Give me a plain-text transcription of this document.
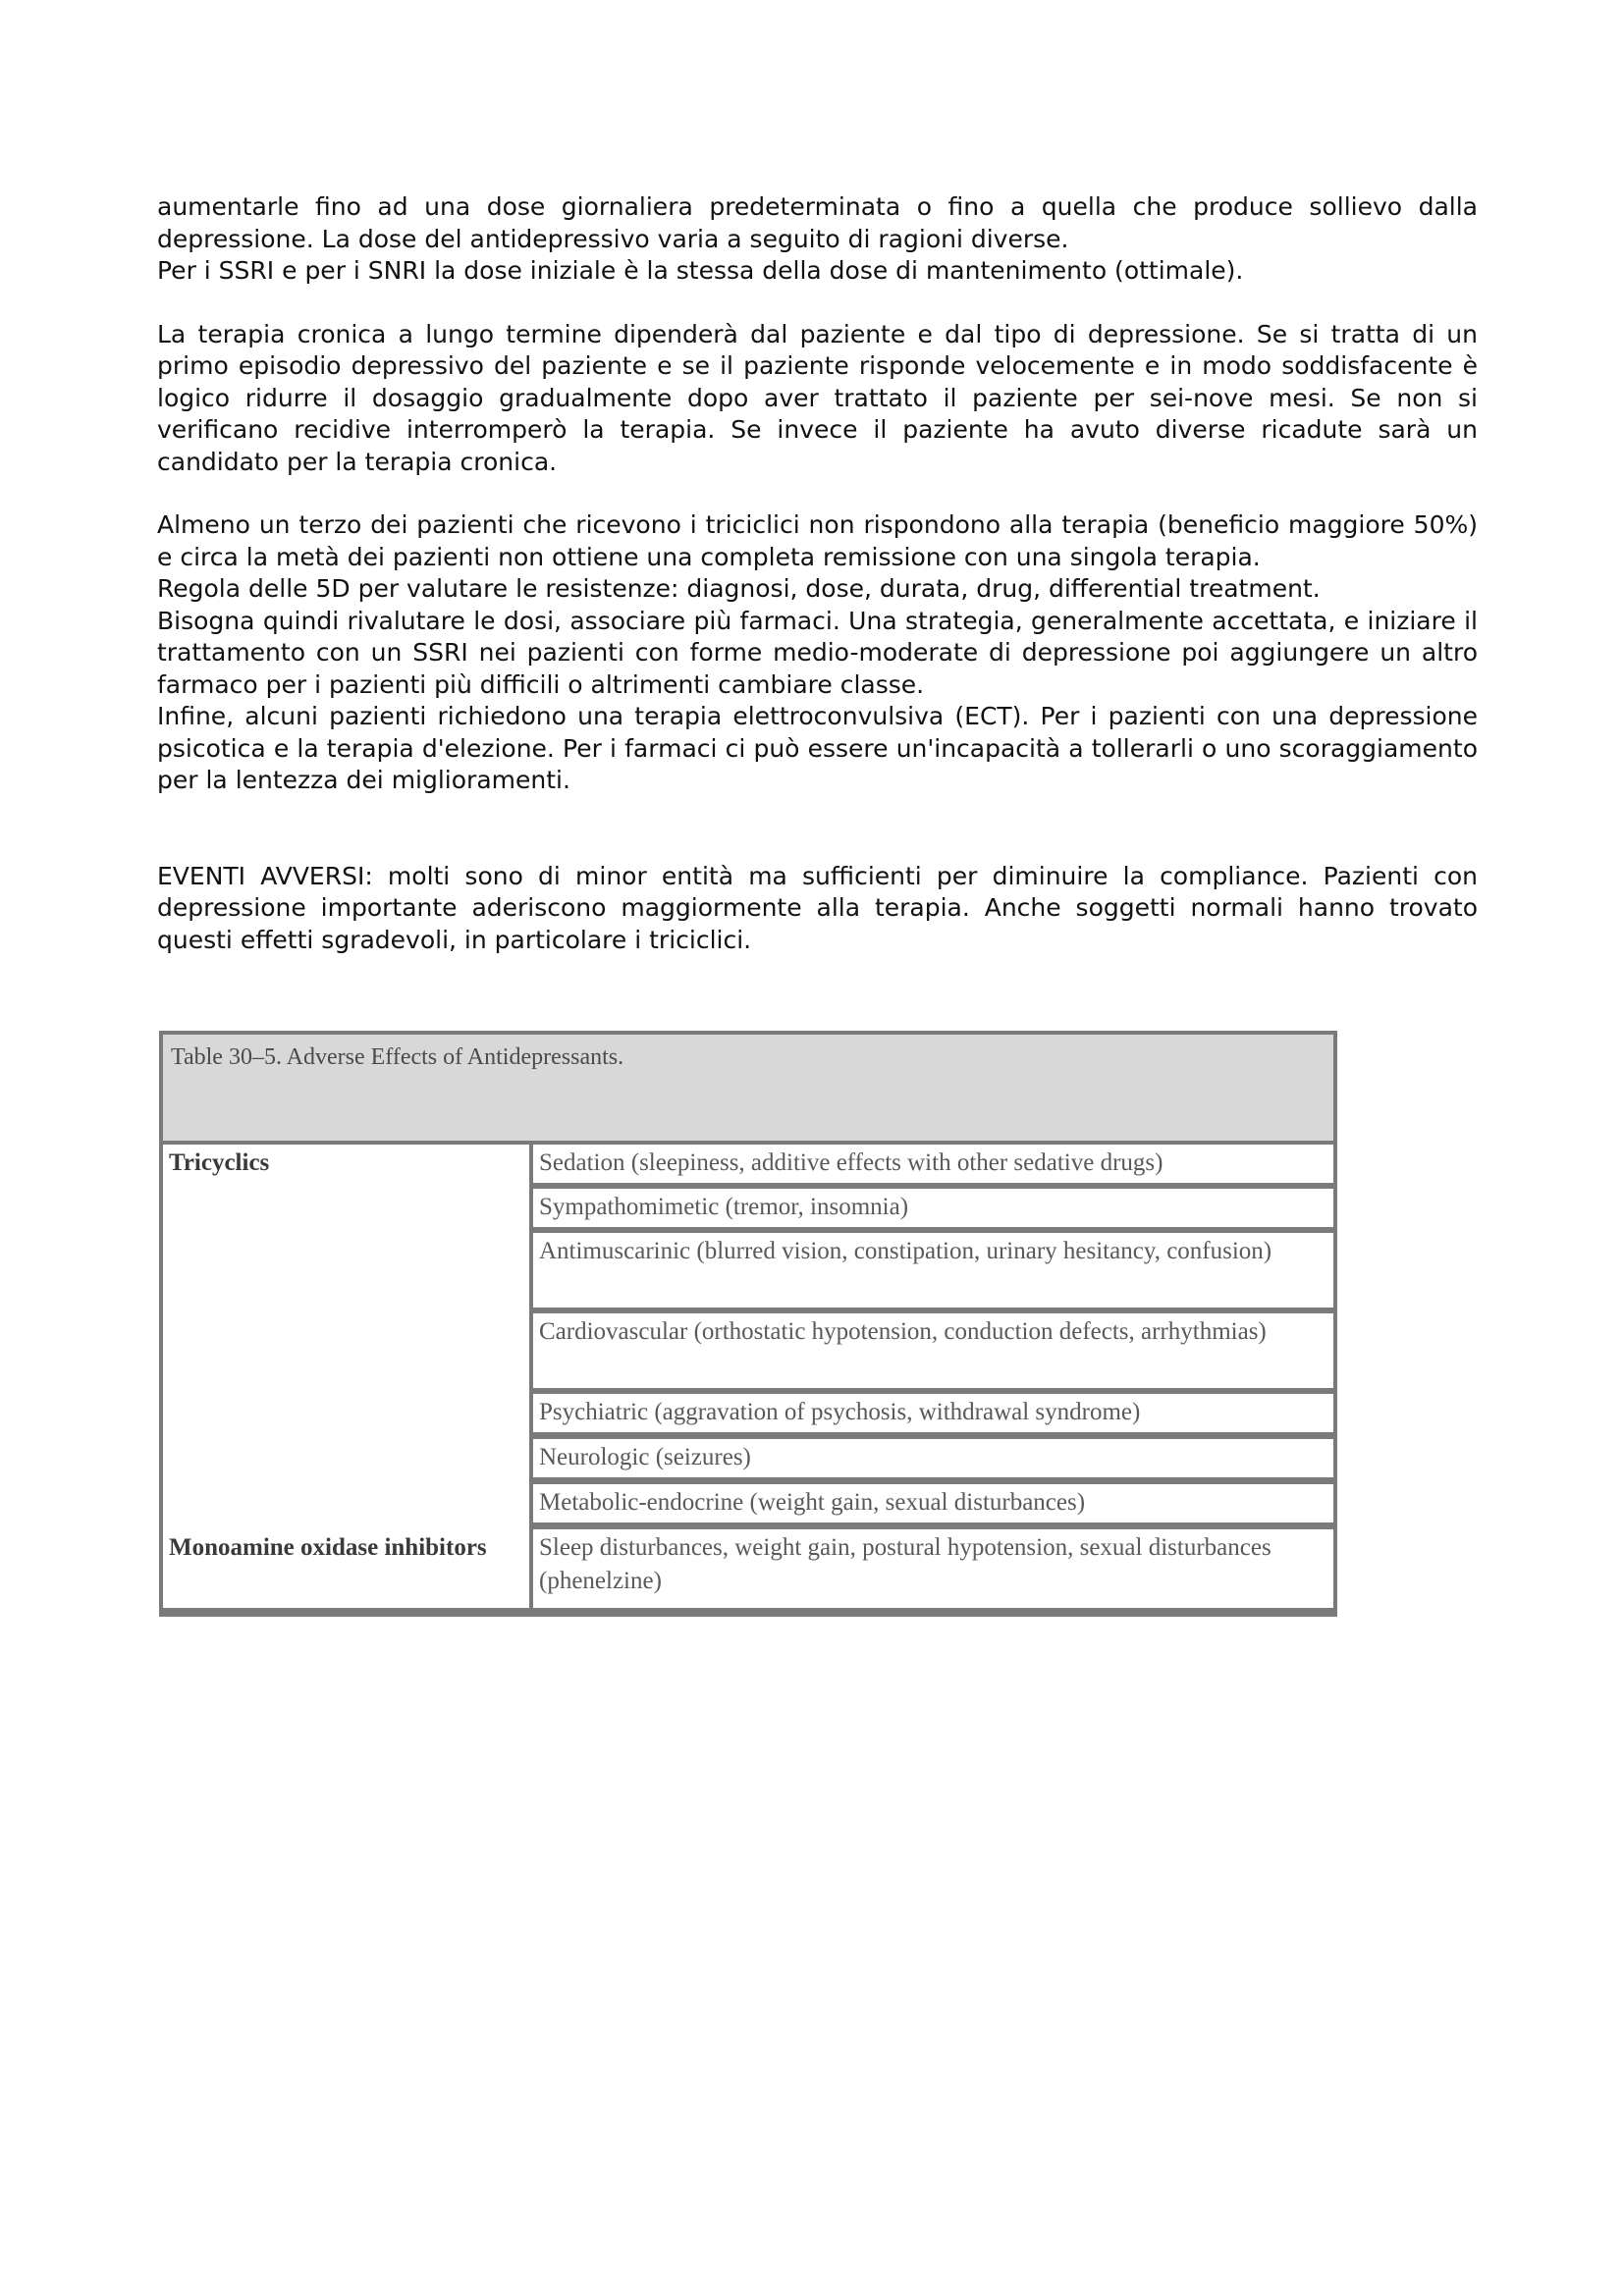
aumentarle fino ad una dose giornaliera predeterminata o fino a quella che produce sollievo dalla depressione. La dose del antidepressivo varia a seguito di ragioni diverse.

Per i SSRI e per i SNRI la dose iniziale è la stessa della dose di mantenimento (ottimale).

La terapia cronica a lungo termine dipenderà dal paziente e dal tipo di depressione. Se si tratta di un primo episodio depressivo del paziente e se il paziente risponde velocemente e in modo soddisfacente è logico ridurre il dosaggio gradualmente dopo aver trattato il paziente per sei-nove mesi. Se non si verificano recidive interromperò la terapia. Se invece il paziente ha avuto diverse ricadute sarà un candidato per la terapia cronica.

Almeno un terzo dei pazienti che ricevono i triciclici non rispondono alla terapia (beneficio maggiore 50%) e circa la metà dei pazienti non ottiene una completa remissione con una singola terapia.

Regola delle 5D per valutare le resistenze: diagnosi, dose, durata, drug, differential treatment.

Bisogna quindi rivalutare le dosi, associare più farmaci. Una strategia, generalmente accettata, e iniziare il trattamento con un SSRI nei pazienti con forme medio-moderate di depressione poi aggiungere un altro farmaco per i pazienti più difficili o altrimenti cambiare classe.

Infine, alcuni pazienti richiedono una terapia elettroconvulsiva (ECT). Per i pazienti con una depressione psicotica e la terapia d'elezione. Per i farmaci ci può essere un'incapacità a tollerarli o uno scoraggiamento per la lentezza dei miglioramenti.

EVENTI AVVERSI: molti sono di minor entità ma sufficienti per diminuire la compliance. Pazienti con depressione importante aderiscono maggiormente alla terapia. Anche soggetti normali hanno trovato questi effetti sgradevoli, in particolare i triciclici.

Table 30–5. Adverse Effects of Antidepressants.
Tricyclics	Sedation (sleepiness, additive effects with other sedative drugs)
Sympathomimetic (tremor, insomnia)
Antimuscarinic (blurred vision, constipation, urinary hesitancy, confusion)
Cardiovascular (orthostatic hypotension, conduction defects, arrhythmias)
Psychiatric (aggravation of psychosis, withdrawal syndrome)
Neurologic (seizures)
Metabolic-endocrine (weight gain, sexual disturbances)
Monoamine oxidase inhibitors	Sleep disturbances, weight gain, postural hypotension, sexual disturbances (phenelzine)
